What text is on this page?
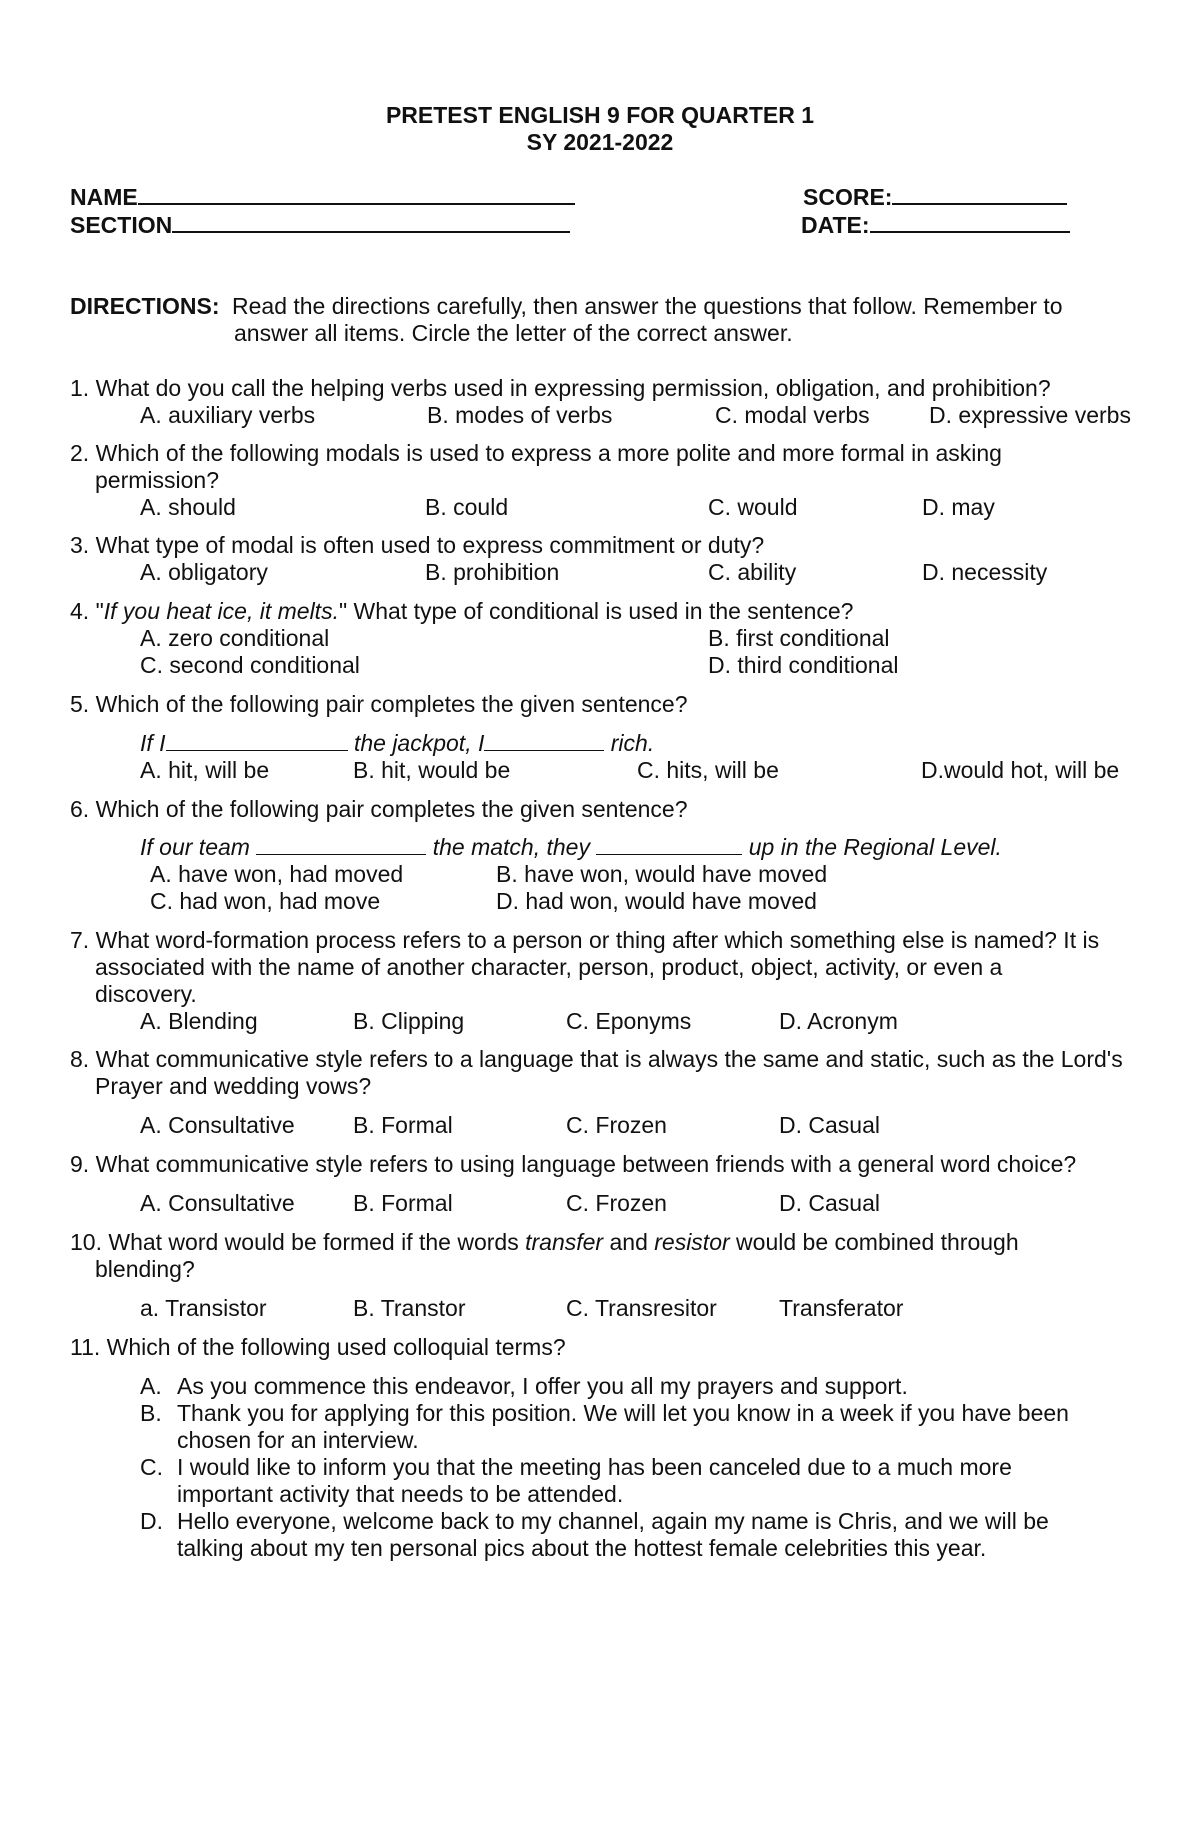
PRETEST ENGLISH 9 FOR QUARTER 1
SY 2021-2022
NAME
SECTION
SCORE:
DATE:
DIRECTIONS: Read the directions carefully, then answer the questions that follow. Remember to
answer all items. Circle the letter of the correct answer.
1. What do you call the helping verbs used in expressing permission, obligation, and prohibition?
A. auxiliary verbs	B. modes of verbs	C. modal verbs	D. expressive verbs
2. Which of the following modals is used to express a more polite and more formal in asking
permission?
A. should	B. could	C. would	D. may
3. What type of modal is often used to express commitment or duty?
A. obligatory	B. prohibition	C. ability	D. necessity
4. "If you heat ice, it melts." What type of conditional is used in the sentence?
A. zero conditional	B. first conditional
C. second conditional	D. third conditional
5. Which of the following pair completes the given sentence?
If I	the jackpot, I	rich.
A. hit, will be	B. hit, would be	C. hits, will be	D.would hot, will be
6. Which of the following pair completes the given sentence?
If our team	the match, they	up in the Regional Level.
A. have won, had moved	B. have won, would have moved
C. had won, had move	D. had won, would have moved
7. What word-formation process refers to a person or thing after which something else is named? It is
associated with the name of another character, person, product, object, activity, or even a
discovery.
A. Blending	B. Clipping	C. Eponyms	D. Acronym
8. What communicative style refers to a language that is always the same and static, such as the Lord's
Prayer and wedding vows?
A. Consultative	B. Formal	C. Frozen	D. Casual
9. What communicative style refers to using language between friends with a general word choice?
A. Consultative	B. Formal	C. Frozen	D. Casual
10. What word would be formed if the words transfer and resistor would be combined through
blending?
a. Transistor	B. Transtor	C. Transresitor	Transferator
11. Which of the following used colloquial terms?
A. As you commence this endeavor, I offer you all my prayers and support.
B. Thank you for applying for this position. We will let you know in a week if you have been
chosen for an interview.
C. I would like to inform you that the meeting has been canceled due to a much more
important activity that needs to be attended.
D. Hello everyone, welcome back to my channel, again my name is Chris, and we will be
talking about my ten personal pics about the hottest female celebrities this year.
